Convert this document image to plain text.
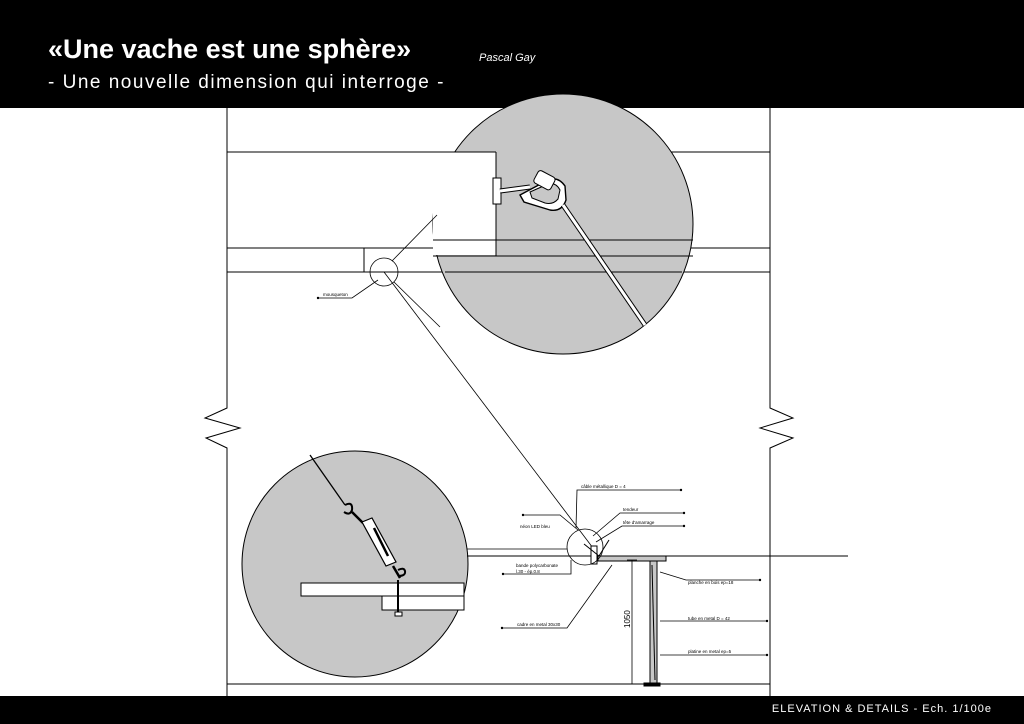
«Une vache est une sphère»	Pascal Gay
- Une nouvelle dimension qui interroge -
mousqueton
câble métallique D = 4
tendeur
tête d'amarrage
néon LED bleu
bande polycarbonate
l.30 - ép.0.8
planche en bois ep=18
tube en metal D = 42
cadre en metal 30x30
platine en metal ep=5
1050
ELEVATION & DETAILS - Ech. 1/100e
